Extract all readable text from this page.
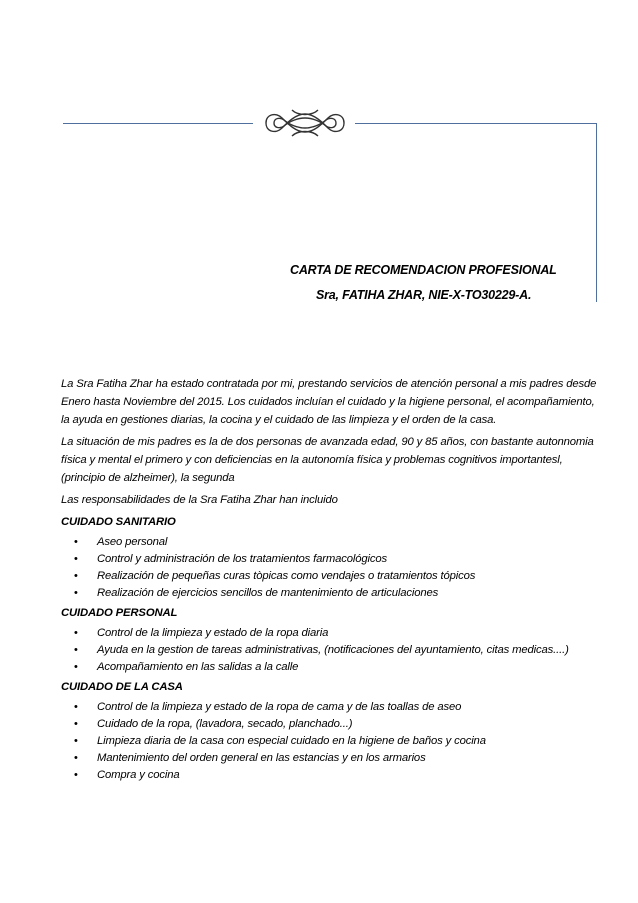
CARTA DE RECOMENDACION PROFESIONAL
Sra, FATIHA ZHAR, NIE-X-TO30229-A.

La Sra Fatiha Zhar ha estado contratada por mi, prestando servicios de atención personal a mis padres desde Enero hasta Noviembre del 2015. Los cuidados incluían el cuidado y la higiene personal, el acompañamiento, la ayuda en gestiones diarias, la cocina y el cuidado de las limpieza y el orden de la casa.

La situación de mis padres es la de dos personas de avanzada edad, 90 y 85 años, con bastante autonnomia física y mental el primero y con deficiencias en la autonomía física y problemas cognitivos importantesl, (principio de alzheimer), la segunda

Las responsabilidades de la Sra Fatiha Zhar han incluido

CUIDADO SANITARIO
• Aseo personal
• Control y administración de los tratamientos farmacológicos
• Realización de pequeñas curas tòpicas como vendajes o tratamientos tópicos
• Realización de ejercicios sencillos de mantenimiento de articulaciones
CUIDADO PERSONAL
• Control de la limpieza y estado de la ropa diaria
• Ayuda en la gestion de tareas administrativas, (notificaciones del ayuntamiento, citas medicas....)
• Acompañamiento en las salidas a la calle
CUIDADO DE LA CASA
• Control de la limpieza y estado de la ropa de cama y de las toallas de aseo
• Cuidado de la ropa, (lavadora, secado, planchado...)
• Limpieza diaria de la casa con especial cuidado en la higiene de baños y cocina
• Mantenimiento del orden general en las estancias y en los armarios
• Compra y cocina
